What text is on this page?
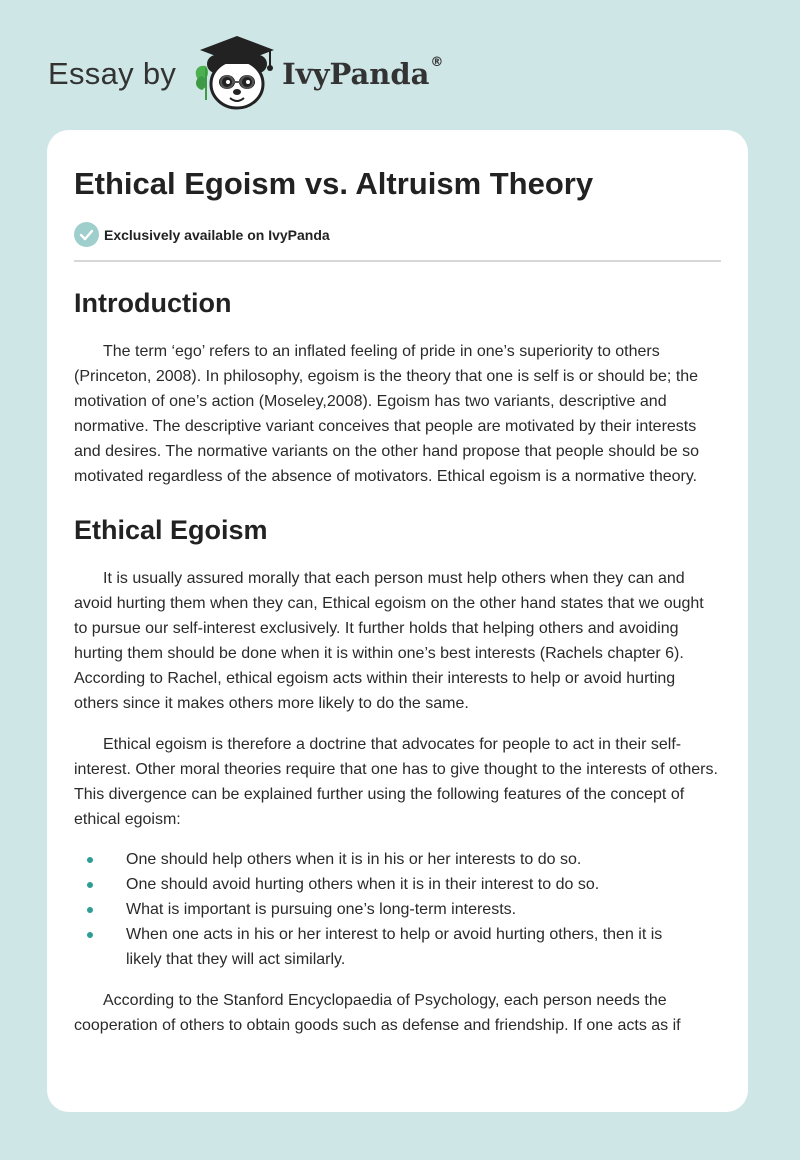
Essay by	IvyPanda®
Ethical Egoism vs. Altruism Theory
Exclusively available on IvyPanda
Introduction

The term ‘ego’ refers to an inflated feeling of pride in one’s superiority to others (Princeton, 2008). In philosophy, egoism is the theory that one is self is or should be; the motivation of one’s action (Moseley,2008). Egoism has two variants, descriptive and normative. The descriptive variant conceives that people are motivated by their interests and desires. The normative variants on the other hand propose that people should be so motivated regardless of the absence of motivators. Ethical egoism is a normative theory.

Ethical Egoism

It is usually assured morally that each person must help others when they can and avoid hurting them when they can, Ethical egoism on the other hand states that we ought to pursue our self-interest exclusively. It further holds that helping others and avoiding hurting them should be done when it is within one’s best interests (Rachels chapter 6). According to Rachel, ethical egoism acts within their interests to help or avoid hurting others since it makes others more likely to do the same.

Ethical egoism is therefore a doctrine that advocates for people to act in their self-interest. Other moral theories require that one has to give thought to the interests of others. This divergence can be explained further using the following features of the concept of ethical egoism:

One should help others when it is in his or her interests to do so.
One should avoid hurting others when it is in their interest to do so.
What is important is pursuing one’s long-term interests.
When one acts in his or her interest to help or avoid hurting others, then it is likely that they will act similarly.

According to the Stanford Encyclopaedia of Psychology, each person needs the cooperation of others to obtain goods such as defense and friendship. If one acts as if
